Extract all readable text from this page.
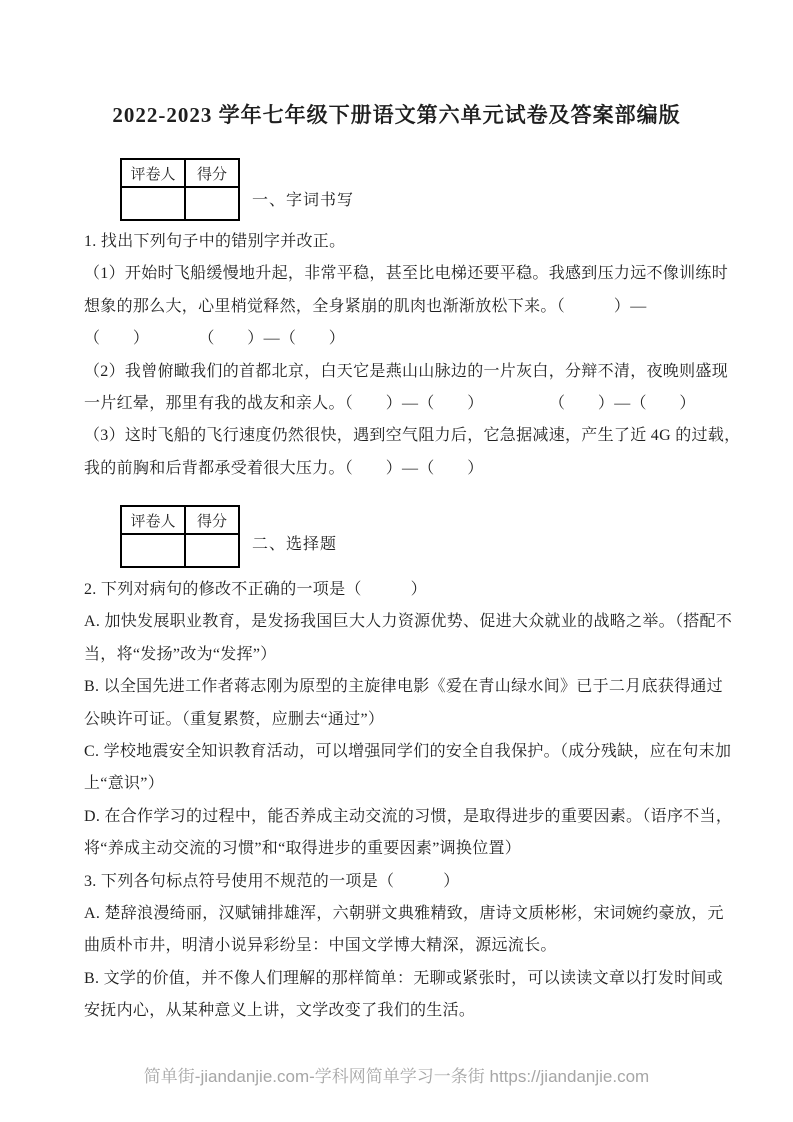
2022-2023 学年七年级下册语文第六单元试卷及答案部编版
评卷人	得分

一、字词书写
1. 找出下列句子中的错别字并改正。
（1）开始时飞船缓慢地升起，非常平稳，甚至比电梯还要平稳。我感到压力远不像训练时
想象的那么大，心里梢觉释然，全身紧崩的肌肉也渐渐放松下来。（　　　）—
（　　）　　　　（　　）—（　　）
（2）我曾俯瞰我们的首都北京，白天它是燕山山脉边的一片灰白，分辩不清，夜晚则盛现
一片红晕，那里有我的战友和亲人。（　　）—（　　）　　　　　（　　）—（　　）
（3）这时飞船的飞行速度仍然很快，遇到空气阻力后，它急据减速，产生了近 4G 的过载，
我的前胸和后背都承受着很大压力。（　　）—（　　）
评卷人	得分

二、选择题
2. 下列对病句的修改不正确的一项是（　　　）
A. 加快发展职业教育，是发扬我国巨大人力资源优势、促进大众就业的战略之举。（搭配不
当，将“发扬”改为“发挥”）
B. 以全国先进工作者蒋志刚为原型的主旋律电影《爱在青山绿水间》已于二月底获得通过
公映许可证。（重复累赘，应删去“通过”）
C. 学校地震安全知识教育活动，可以增强同学们的安全自我保护。（成分残缺，应在句末加
上“意识”）
D. 在合作学习的过程中，能否养成主动交流的习惯，是取得进步的重要因素。（语序不当，
将“养成主动交流的习惯”和“取得进步的重要因素”调换位置）
3. 下列各句标点符号使用不规范的一项是（　　　）
A. 楚辞浪漫绮丽，汉赋铺排雄浑，六朝骈文典雅精致，唐诗文质彬彬，宋词婉约豪放，元
曲质朴市井，明清小说异彩纷呈：中国文学博大精深，源远流长。
B. 文学的价值，并不像人们理解的那样简单：无聊或紧张时，可以读读文章以打发时间或
安抚内心，从某种意义上讲，文学改变了我们的生活。
简单街-jiandanjie.com-学科网简单学习一条街 https://jiandanjie.com
